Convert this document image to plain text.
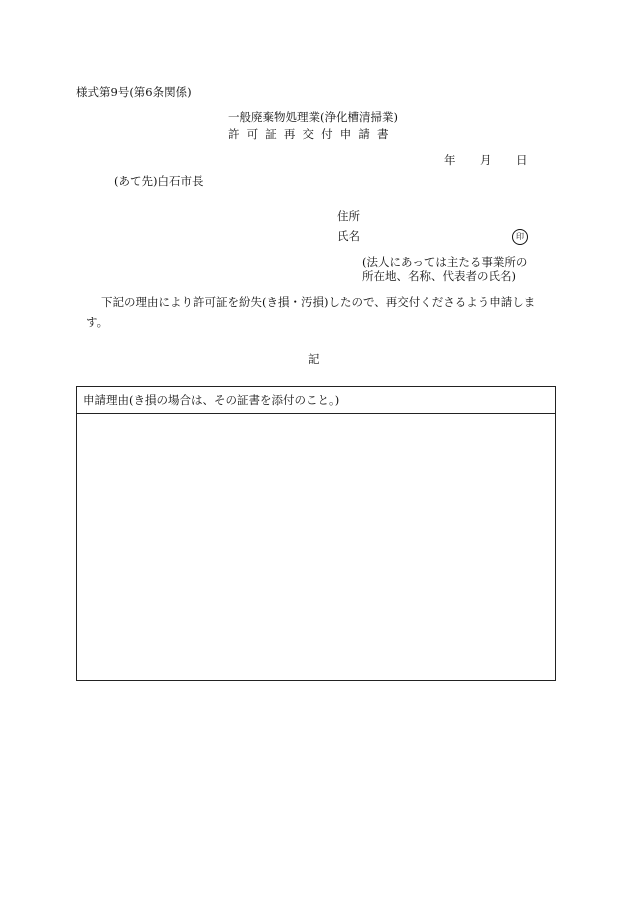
様式第9号(第6条関係)
一般廃棄物処理業(浄化槽清掃業)
許可証再交付申請書
年 月 日
(あて先)白石市長
住所
氏名	印
(法人にあっては主たる事業所の
所在地、名称、代表者の氏名)
下記の理由により許可証を紛失(き損・汚損)したので、再交付くださるよう申請しま
す。
記
申請理由(き損の場合は、その証書を添付のこと。)
